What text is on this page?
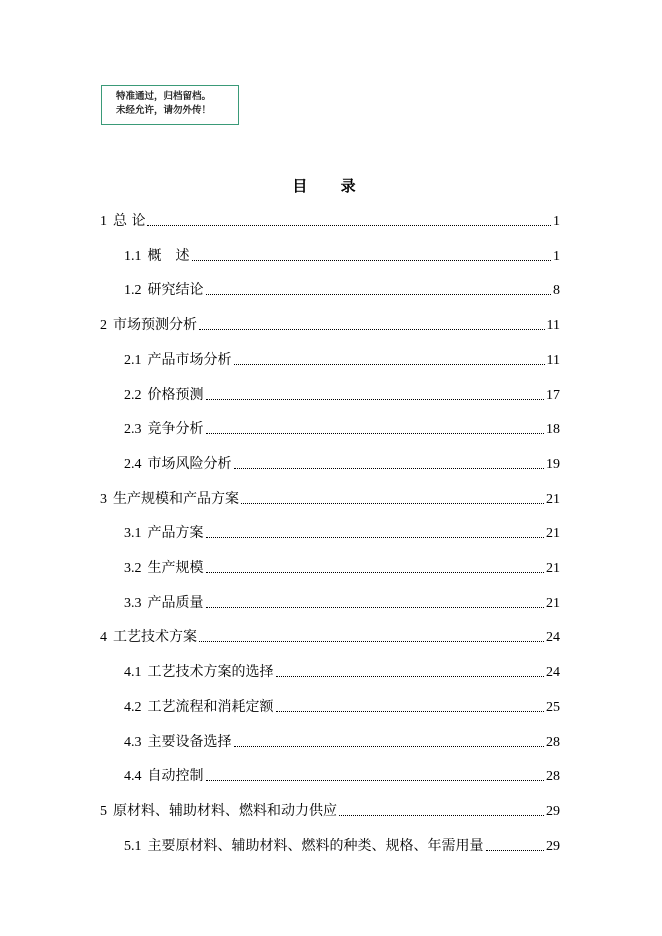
特准通过，归档留档。
未经允许，请勿外传！
目 录
1 总 论	1
1.1 概　述	1
1.2 研究结论	8
2 市场预测分析	11
2.1 产品市场分析	11
2.2 价格预测	17
2.3 竞争分析	18
2.4 市场风险分析	19
3 生产规模和产品方案	21
3.1 产品方案	21
3.2 生产规模	21
3.3 产品质量	21
4 工艺技术方案	24
4.1 工艺技术方案的选择	24
4.2 工艺流程和消耗定额	25
4.3 主要设备选择	28
4.4 自动控制	28
5 原材料、辅助材料、燃料和动力供应	29
5.1 主要原材料、辅助材料、燃料的种类、规格、年需用量	29
